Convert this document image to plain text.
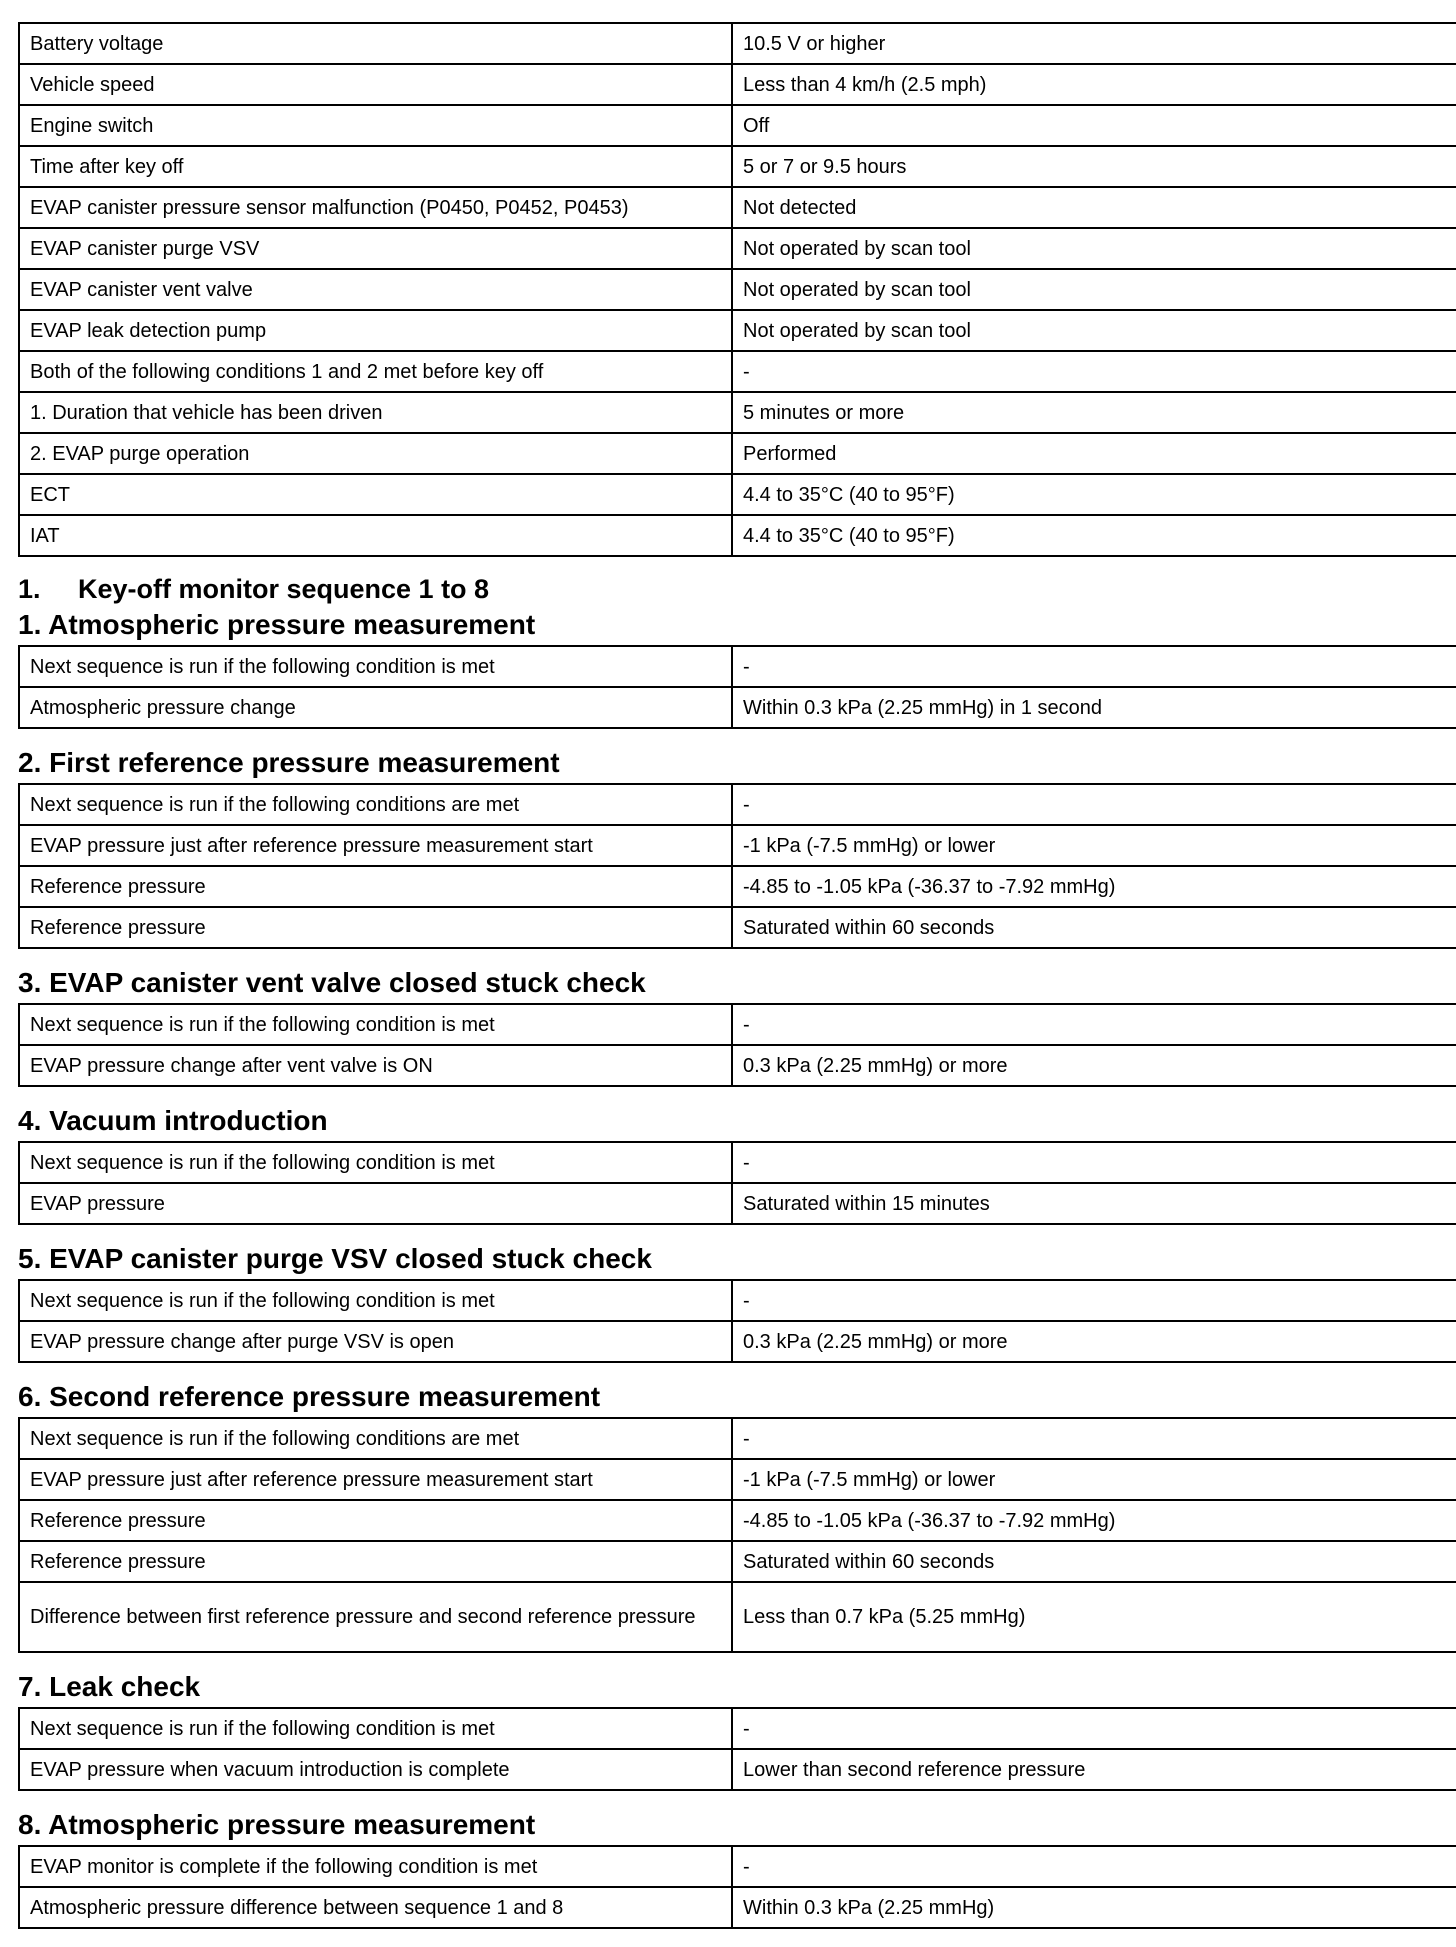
Battery voltage	10.5 V or higher
Vehicle speed	Less than 4 km/h (2.5 mph)
Engine switch	Off
Time after key off	5 or 7 or 9.5 hours
EVAP canister pressure sensor malfunction (P0450, P0452, P0453)	Not detected
EVAP canister purge VSV	Not operated by scan tool
EVAP canister vent valve	Not operated by scan tool
EVAP leak detection pump	Not operated by scan tool
Both of the following conditions 1 and 2 met before key off	-
1. Duration that vehicle has been driven	5 minutes or more
2. EVAP purge operation	Performed
ECT	4.4 to 35°C (40 to 95°F)
IAT	4.4 to 35°C (40 to 95°F)
1. Key-off monitor sequence 1 to 8
1. Atmospheric pressure measurement
Next sequence is run if the following condition is met	-
Atmospheric pressure change	Within 0.3 kPa (2.25 mmHg) in 1 second
2. First reference pressure measurement
Next sequence is run if the following conditions are met	-
EVAP pressure just after reference pressure measurement start	-1 kPa (-7.5 mmHg) or lower
Reference pressure	-4.85 to -1.05 kPa (-36.37 to -7.92 mmHg)
Reference pressure	Saturated within 60 seconds
3. EVAP canister vent valve closed stuck check
Next sequence is run if the following condition is met	-
EVAP pressure change after vent valve is ON	0.3 kPa (2.25 mmHg) or more
4. Vacuum introduction
Next sequence is run if the following condition is met	-
EVAP pressure	Saturated within 15 minutes
5. EVAP canister purge VSV closed stuck check
Next sequence is run if the following condition is met	-
EVAP pressure change after purge VSV is open	0.3 kPa (2.25 mmHg) or more
6. Second reference pressure measurement
Next sequence is run if the following conditions are met	-
EVAP pressure just after reference pressure measurement start	-1 kPa (-7.5 mmHg) or lower
Reference pressure	-4.85 to -1.05 kPa (-36.37 to -7.92 mmHg)
Reference pressure	Saturated within 60 seconds
Difference between first reference pressure and second reference pressure	Less than 0.7 kPa (5.25 mmHg)
7. Leak check
Next sequence is run if the following condition is met	-
EVAP pressure when vacuum introduction is complete	Lower than second reference pressure
8. Atmospheric pressure measurement
EVAP monitor is complete if the following condition is met	-
Atmospheric pressure difference between sequence 1 and 8	Within 0.3 kPa (2.25 mmHg)
